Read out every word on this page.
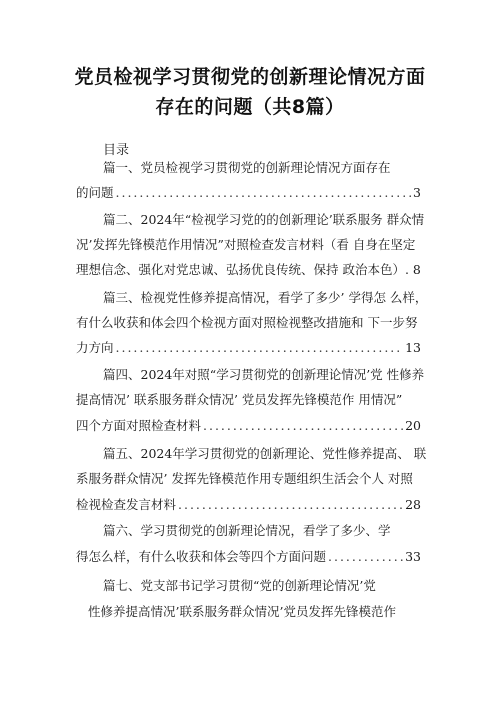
党员检视学习贯彻党的创新理论情况方面
存在的问题（共8篇）
目录
篇一、党员检视学习贯彻党的创新理论情况方面存在
的问题 .....	3
篇二、2024年“检视学习党的的创新理论’联系服务 群众情
况’发挥先锋模范作用情况”对照检查发言材料（看 自身在坚定
理想信念、强化对党忠诚、弘扬优良传统、保持 政治本色）. 8
篇三、检视党性修养提高情况，看学了多少’ 学得怎 么样，
有什么收获和体会四个检视方面对照检视整改措施和 下一步努
力方向 .....	13
篇四、2024年对照“学习贯彻党的创新理论情况’党 性修养
提高情况’ 联系服务群众情况’ 党员发挥先锋模范作 用情况”
四个方面对照检查材料 .....	20
篇五、2024年学习贯彻党的创新理论、党性修养提高、 联
系服务群众情况’ 发挥先锋模范作用专题组织生活会个人 对照
检视检查发言材料 .....	28
篇六、学习贯彻党的创新理论情况，看学了多少、学
得怎么样，有什么收获和体会等四个方面问题 .....	33
篇七、党支部书记学习贯彻“党的创新理论情况’党
性修养提高情况’联系服务群众情况’党员发挥先锋模范作
